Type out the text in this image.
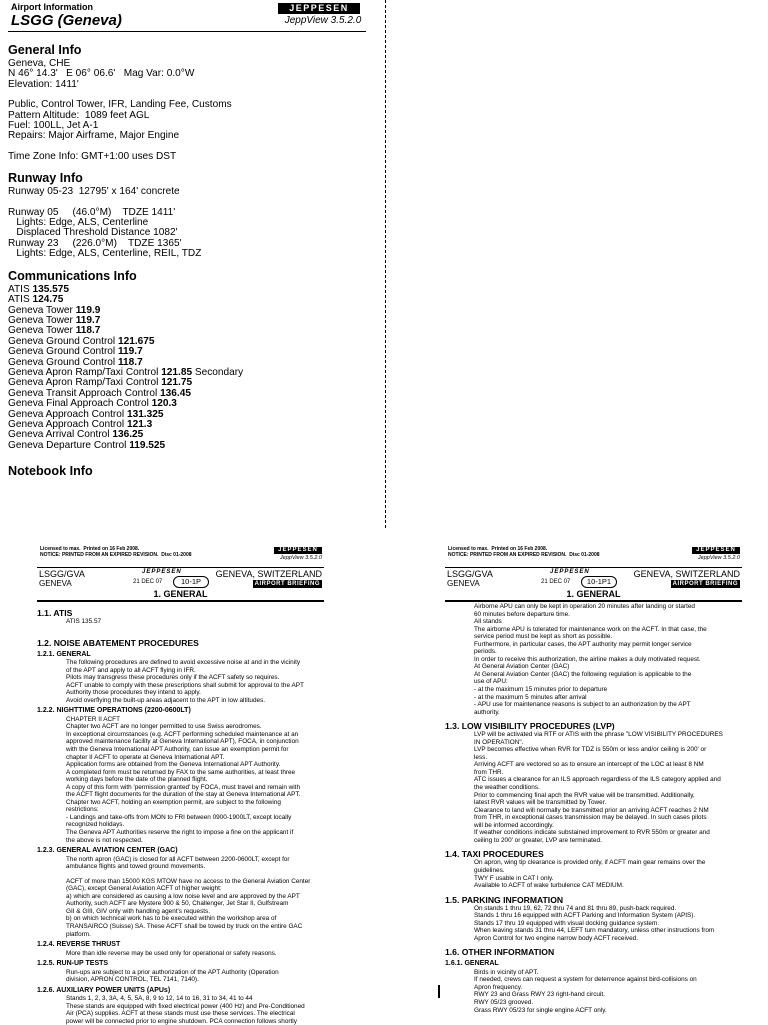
Airport Information
LSGG (Geneva)
JEPPESEN
JeppView 3.5.2.0
General Info
Geneva, CHE
N 46° 14.3'   E 06° 06.6'   Mag Var: 0.0°W
Elevation: 1411'
Public, Control Tower, IFR, Landing Fee, Customs
Pattern Altitude:  1089 feet AGL
Fuel: 100LL, Jet A-1
Repairs: Major Airframe, Major Engine
Time Zone Info: GMT+1:00 uses DST
Runway Info
Runway 05-23  12795' x 164' concrete
Runway 05     (46.0°M)    TDZE 1411'
Lights: Edge, ALS, Centerline
Displaced Threshold Distance 1082'
Runway 23     (226.0°M)    TDZE 1365'
Lights: Edge, ALS, Centerline, REIL, TDZ
Communications Info
ATIS 135.575
ATIS 124.75
Geneva Tower 119.9
Geneva Tower 119.7
Geneva Tower 118.7
Geneva Ground Control 121.675
Geneva Ground Control 119.7
Geneva Ground Control 118.7
Geneva Apron Ramp/Taxi Control 121.85 Secondary
Geneva Apron Ramp/Taxi Control 121.75
Geneva Transit Approach Control 136.45
Geneva Final Approach Control 120.3
Geneva Approach Control 131.325
Geneva Approach Control 121.3
Geneva Arrival Control 136.25
Geneva Departure Control 119.525
Notebook Info
Licensed to max.  Printed on 16 Feb 2008.
NOTICE: PRINTED FROM AN EXPIRED REVISION.  Disc 01-2008
JEPPESEN
JeppView 3.5.2.0
LSGG/GVA
GENEVA
JEPPESEN
21 DEC 07	10-1P
GENEVA, SWITZERLAND
AIRPORT BRIEFING
1. GENERAL
1.1. ATIS
ATIS 135.57
1.2. NOISE ABATEMENT PROCEDURES
1.2.1. GENERAL
The following procedures are defined to avoid excessive noise at and in the vicinity
of the APT and apply to all ACFT flying in IFR.
Pilots may transgress these procedures only if the ACFT safety so requires.
ACFT unable to comply with these prescriptions shall submit for approval to the APT
Authority those procedures they intend to apply.
Avoid overflying the built-up areas adjacent to the APT in low altitudes.
1.2.2. NIGHTTIME OPERATIONS (2200-0600LT)
CHAPTER II ACFT
Chapter two ACFT are no longer permitted to use Swiss aerodromes.
In exceptional circumstances (e.g. ACFT performing scheduled maintenance at an
approved maintenance facility at Geneva International APT), FOCA, in conjunction
with the Geneva International APT Authority, can issue an exemption permit for
chapter II ACFT to operate at Geneva International APT.
Application forms are obtained from the Geneva International APT Authority.
A completed form must be returned by FAX to the same authorities, at least three
working days before the date of the planned flight.
A copy of this form with 'permission granted' by FOCA, must travel and remain with
the ACFT flight documents for the duration of the stay at Geneva International APT.
Chapter two ACFT, holding an exemption permit, are subject to the following
restrictions:
- Landings and take-offs from MON to FRI between 0900-1900LT, except locally
recognized holidays.
The Geneva APT Authorities reserve the right to impose a fine on the applicant if
the above is not respected.
1.2.3. GENERAL AVIATION CENTER (GAC)
The north apron (GAC) is closed for all ACFT between 2200-0600LT, except for
ambulance flights and towed ground movements.
ACFT of more than 15000 KGS MTOW have no access to the General Aviation Center
(GAC), except General Aviation ACFT of higher weight:
a) which are considered as causing a low noise level and are approved by the APT
Authority, such ACFT are Mystere 900 & 50, Challenger, Jet Star II, Gulfstream
GII & GIII, GIV only with handling agent's requests.
b) on which technical work has to be executed within the workshop area of
TRANSAIRCO (Suisse) SA. These ACFT shall be towed by truck on the entire GAC
platform.
1.2.4. REVERSE THRUST
More than idle reverse may be used only for operational or safety reasons.
1.2.5. RUN-UP TESTS
Run-ups are subject to a prior authorization of the APT Authority (Operation
division, APRON CONTROL, TEL 7141, 7140).
1.2.6. AUXILIARY POWER UNITS (APUs)
Stands 1, 2, 3, 3A, 4, 5, 5A, 8, 9 to 12, 14 to 16, 31 to 34, 41 to 44
These stands are equipped with fixed electrical power (400 Hz) and Pre-Conditioned
Air (PCA) supplies. ACFT at these stands must use these services. The electrical
power will be connected prior to engine shutdown. PCA connection follows shortly
Licensed to max.  Printed on 16 Feb 2008.
NOTICE: PRINTED FROM AN EXPIRED REVISION.  Disc 01-2008
JEPPESEN
JeppView 3.5.2.0
LSGG/GVA
GENEVA
JEPPESEN
21 DEC 07	10-1P1
GENEVA, SWITZERLAND
AIRPORT BRIEFING
1. GENERAL
Airborne APU can only be kept in operation 20 minutes after landing or started
60 minutes before departure time.
All stands
The airborne APU is tolerated for maintenance work on the ACFT. In that case, the
service period must be kept as short as possible.
Furthermore, in particular cases, the APT authority may permit longer service
periods.
In order to receive this authorization, the airline makes a duly motivated request.
At General Aviation Center (GAC)
At General Aviation Center (GAC) the following regulation is applicable to the
use of APU:
- at the maximum 15 minutes prior to departure
- at the maximum 5 minutes after arrival
- APU use for maintenance reasons is subject to an authorization by the APT
authority.
1.3. LOW VISIBILITY PROCEDURES (LVP)
LVP will be activated via RTF or ATIS with the phrase "LOW VISIBILITY PROCEDURES
IN OPERATION".
LVP becomes effective when RVR for TDZ is 550m or less and/or ceiling is 200' or
less.
Arriving ACFT are vectored so as to ensure an intercept of the LOC at least 8 NM
from THR.
ATC issues a clearance for an ILS approach regardless of the ILS category applied and
the weather conditions.
Prior to commencing final apch the RVR value will be transmitted. Additionally,
latest RVR values will be transmitted by Tower.
Clearance to land will normally be transmitted prior an arriving ACFT reaches 2 NM
from THR, in exceptional cases transmission may be delayed. In such cases pilots
will be informed accordingly.
If weather conditions indicate substained improvement to RVR 550m or greater and
ceiling to 200' or greater, LVP are terminated.
1.4. TAXI PROCEDURES
On apron, wing tip clearance is provided only, if ACFT main gear remains over the
guidelines.
TWY F usable in CAT I only.
Available to ACFT of wake turbulence CAT MEDIUM.
1.5. PARKING INFORMATION
On stands 1 thru 19, 62, 72 thru 74 and 81 thru 89, push-back required.
Stands 1 thru 16 equipped with ACFT Parking and Information System (APIS).
Stands 17 thru 19 equipped with visual docking guidance system.
When leaving stands 31 thru 44, LEFT turn mandatory, unless other instructions from
Apron Control for two engine narrow body ACFT received.
1.6. OTHER INFORMATION
1.6.1. GENERAL
Birds in vicinity of APT.
If needed, crews can request a system for deterrence against bird-collisions on
Apron frequency.
RWY 23 and Grass RWY 23 right-hand circuit.
RWY 05/23 grooved.
Grass RWY 05/23 for single engine ACFT only.
